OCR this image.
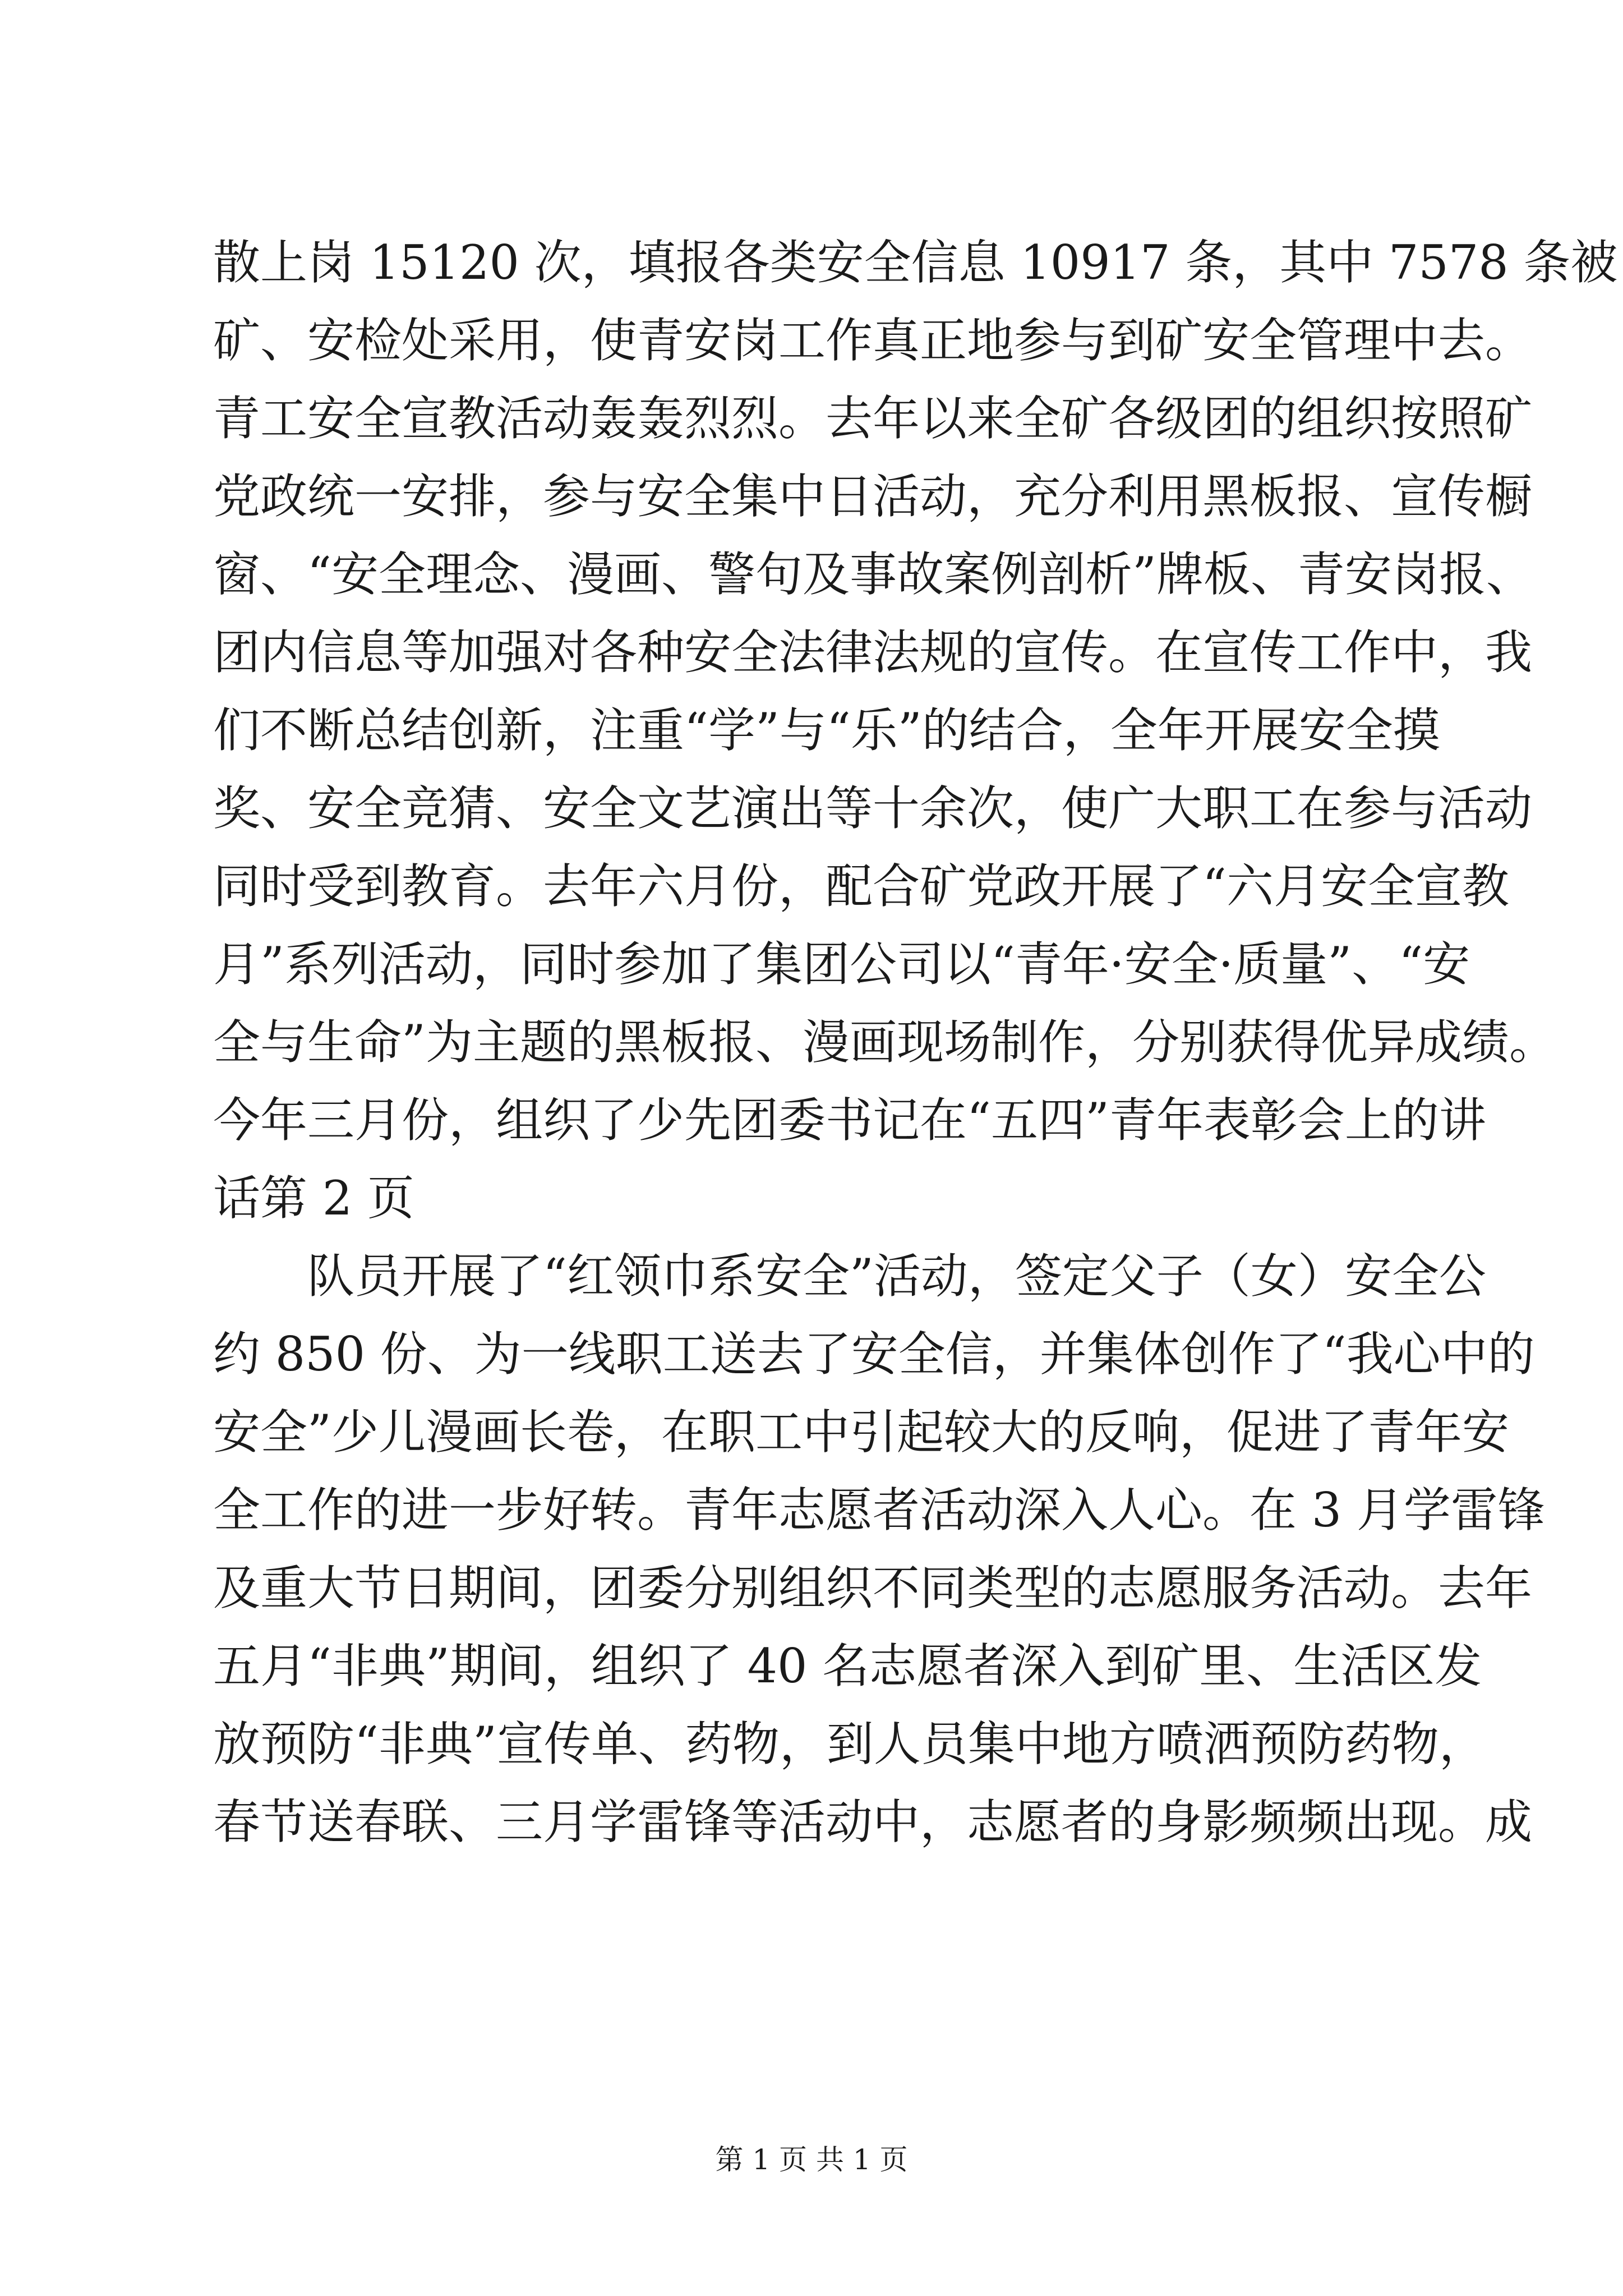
散上岗 15120 次，填报各类安全信息 10917 条，其中 7578 条被

矿、安检处采用，使青安岗工作真正地参与到矿安全管理中去。

青工安全宣教活动轰轰烈烈。去年以来全矿各级团的组织按照矿

党政统一安排，参与安全集中日活动，充分利用黑板报、宣传橱

窗、“安全理念、漫画、警句及事故案例剖析”牌板、青安岗报、

团内信息等加强对各种安全法律法规的宣传。在宣传工作中，我

们不断总结创新，注重“学”与“乐”的结合，全年开展安全摸

奖、安全竞猜、安全文艺演出等十余次，使广大职工在参与活动

同时受到教育。去年六月份，配合矿党政开展了“六月安全宣教

月”系列活动，同时参加了集团公司以“青年·安全·质量”、“安

全与生命”为主题的黑板报、漫画现场制作，分别获得优异成绩。

今年三月份，组织了少先团委书记在“五四”青年表彰会上的讲

话第 2 页

队员开展了“红领巾系安全”活动，签定父子（女）安全公

约 850 份、为一线职工送去了安全信，并集体创作了“我心中的

安全”少儿漫画长卷，在职工中引起较大的反响，促进了青年安

全工作的进一步好转。青年志愿者活动深入人心。在 3 月学雷锋

及重大节日期间，团委分别组织不同类型的志愿服务活动。去年

五月“非典”期间，组织了 40 名志愿者深入到矿里、生活区发

放预防“非典”宣传单、药物，到人员集中地方喷洒预防药物，

春节送春联、三月学雷锋等活动中，志愿者的身影频频出现。成

第 1 页 共 1 页
